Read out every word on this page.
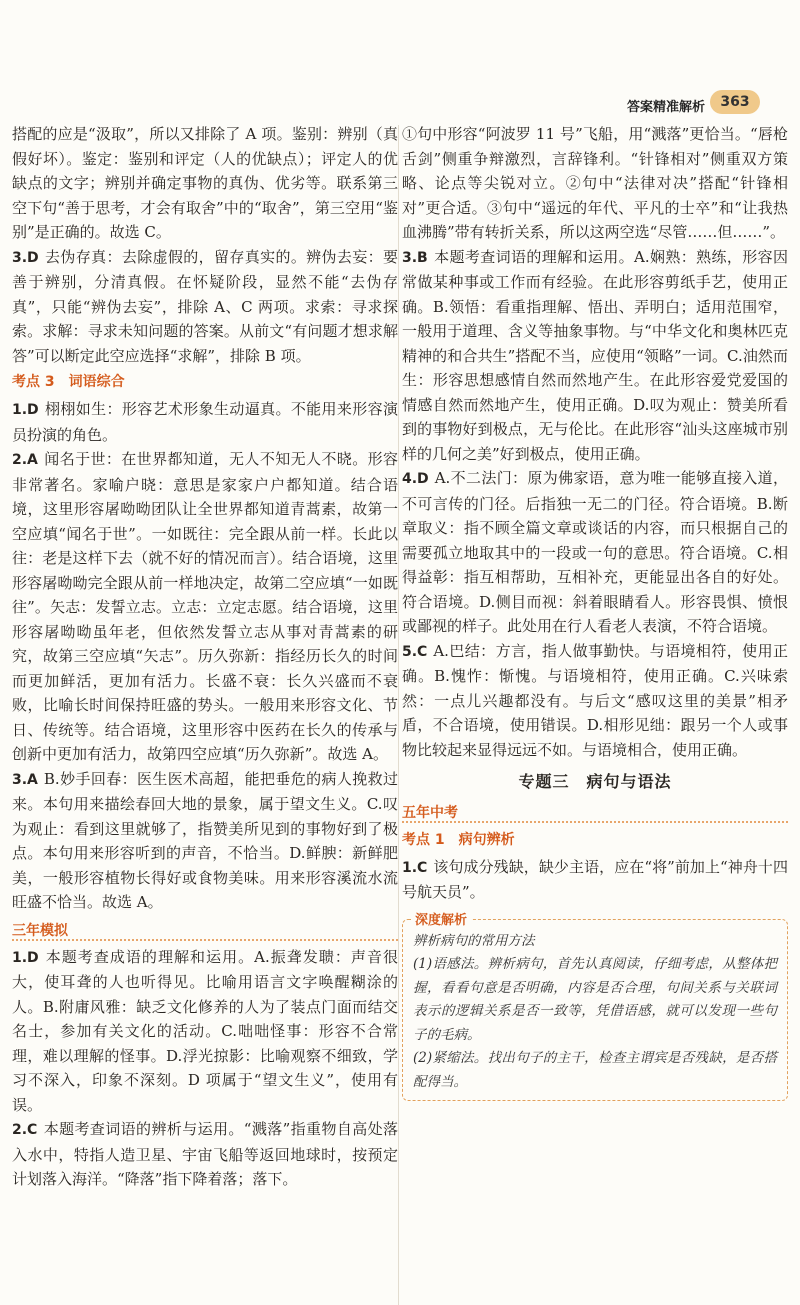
答案精准解析	363

搭配的应是“汲取”，所以又排除了 A 项。鉴别：辨别（真假好坏）。鉴定：鉴别和评定（人的优缺点）；评定人的优缺点的文字；辨别并确定事物的真伪、优劣等。联系第三空下句“善于思考，才会有取舍”中的“取舍”，第三空用“鉴别”是正确的。故选 C。

3.D 去伪存真：去除虚假的，留存真实的。辨伪去妄：要善于辨别，分清真假。在怀疑阶段，显然不能“去伪存真”，只能“辨伪去妄”，排除 A、C 两项。求索：寻求探索。求解：寻求未知问题的答案。从前文“有问题才想求解答”可以断定此空应选择“求解”，排除 B 项。

考点 3　词语综合

1.D 栩栩如生：形容艺术形象生动逼真。不能用来形容演员扮演的角色。

2.A 闻名于世：在世界都知道，无人不知无人不晓。形容非常著名。家喻户晓：意思是家家户户都知道。结合语境，这里形容屠呦呦团队让全世界都知道青蒿素，故第一空应填“闻名于世”。一如既往：完全跟从前一样。长此以往：老是这样下去（就不好的情况而言）。结合语境，这里形容屠呦呦完全跟从前一样地决定，故第二空应填“一如既往”。矢志：发誓立志。立志：立定志愿。结合语境，这里形容屠呦呦虽年老，但依然发誓立志从事对青蒿素的研究，故第三空应填“矢志”。历久弥新：指经历长久的时间而更加鲜活，更加有活力。长盛不衰：长久兴盛而不衰败，比喻长时间保持旺盛的势头。一般用来形容文化、节日、传统等。结合语境，这里形容中医药在长久的传承与创新中更加有活力，故第四空应填“历久弥新”。故选 A。

3.A B.妙手回春：医生医术高超，能把垂危的病人挽救过来。本句用来描绘春回大地的景象，属于望文生义。C.叹为观止：看到这里就够了，指赞美所见到的事物好到了极点。本句用来形容听到的声音，不恰当。D.鲜腴：新鲜肥美，一般形容植物长得好或食物美味。用来形容溪流水流旺盛不恰当。故选 A。

三年模拟

1.D 本题考查成语的理解和运用。A.振聋发聩：声音很大，使耳聋的人也听得见。比喻用语言文字唤醒糊涂的人。B.附庸风雅：缺乏文化修养的人为了装点门面而结交名士，参加有关文化的活动。C.咄咄怪事：形容不合常理，难以理解的怪事。D.浮光掠影：比喻观察不细致，学习不深入，印象不深刻。D 项属于“望文生义”，使用有误。

2.C 本题考查词语的辨析与运用。“溅落”指重物自高处落入水中，特指人造卫星、宇宙飞船等返回地球时，按预定计划落入海洋。“降落”指下降着落；落下。

①句中形容“阿波罗 11 号”飞船，用“溅落”更恰当。“唇枪舌剑”侧重争辩激烈，言辞锋利。“针锋相对”侧重双方策略、论点等尖锐对立。②句中“法律对决”搭配“针锋相对”更合适。③句中“遥远的年代、平凡的士卒”和“让我热血沸腾”带有转折关系，所以这两空选“尽管……但……”。

3.B 本题考查词语的理解和运用。A.娴熟：熟练，形容因常做某种事或工作而有经验。在此形容剪纸手艺，使用正确。B.领悟：看重指理解、悟出、弄明白；适用范围窄，一般用于道理、含义等抽象事物。与“中华文化和奥林匹克精神的和合共生”搭配不当，应使用“领略”一词。C.油然而生：形容思想感情自然而然地产生。在此形容爱党爱国的情感自然而然地产生，使用正确。D.叹为观止：赞美所看到的事物好到极点，无与伦比。在此形容“汕头这座城市别样的几何之美”好到极点，使用正确。

4.D A.不二法门：原为佛家语，意为唯一能够直接入道，不可言传的门径。后指独一无二的门径。符合语境。B.断章取义：指不顾全篇文章或谈话的内容，而只根据自己的需要孤立地取其中的一段或一句的意思。符合语境。C.相得益彰：指互相帮助，互相补充，更能显出各自的好处。符合语境。D.侧目而视：斜着眼睛看人。形容畏惧、愤恨或鄙视的样子。此处用在行人看老人表演，不符合语境。

5.C A.巴结：方言，指人做事勤快。与语境相符，使用正确。B.愧怍：惭愧。与语境相符，使用正确。C.兴味索然：一点儿兴趣都没有。与后文“感叹这里的美景”相矛盾，不合语境，使用错误。D.相形见绌：跟另一个人或事物比较起来显得远远不如。与语境相合，使用正确。

专题三　病句与语法
五年中考
考点 1　病句辨析

1.C 该句成分残缺，缺少主语，应在“将”前加上“神舟十四号航天员”。

深度解析

辨析病句的常用方法

(1)语感法。辨析病句，首先认真阅读，仔细考虑，从整体把握，看看句意是否明确，内容是否合理，句间关系与关联词表示的逻辑关系是否一致等，凭借语感，就可以发现一些句子的毛病。

(2)紧缩法。找出句子的主干，检查主谓宾是否残缺，是否搭配得当。
